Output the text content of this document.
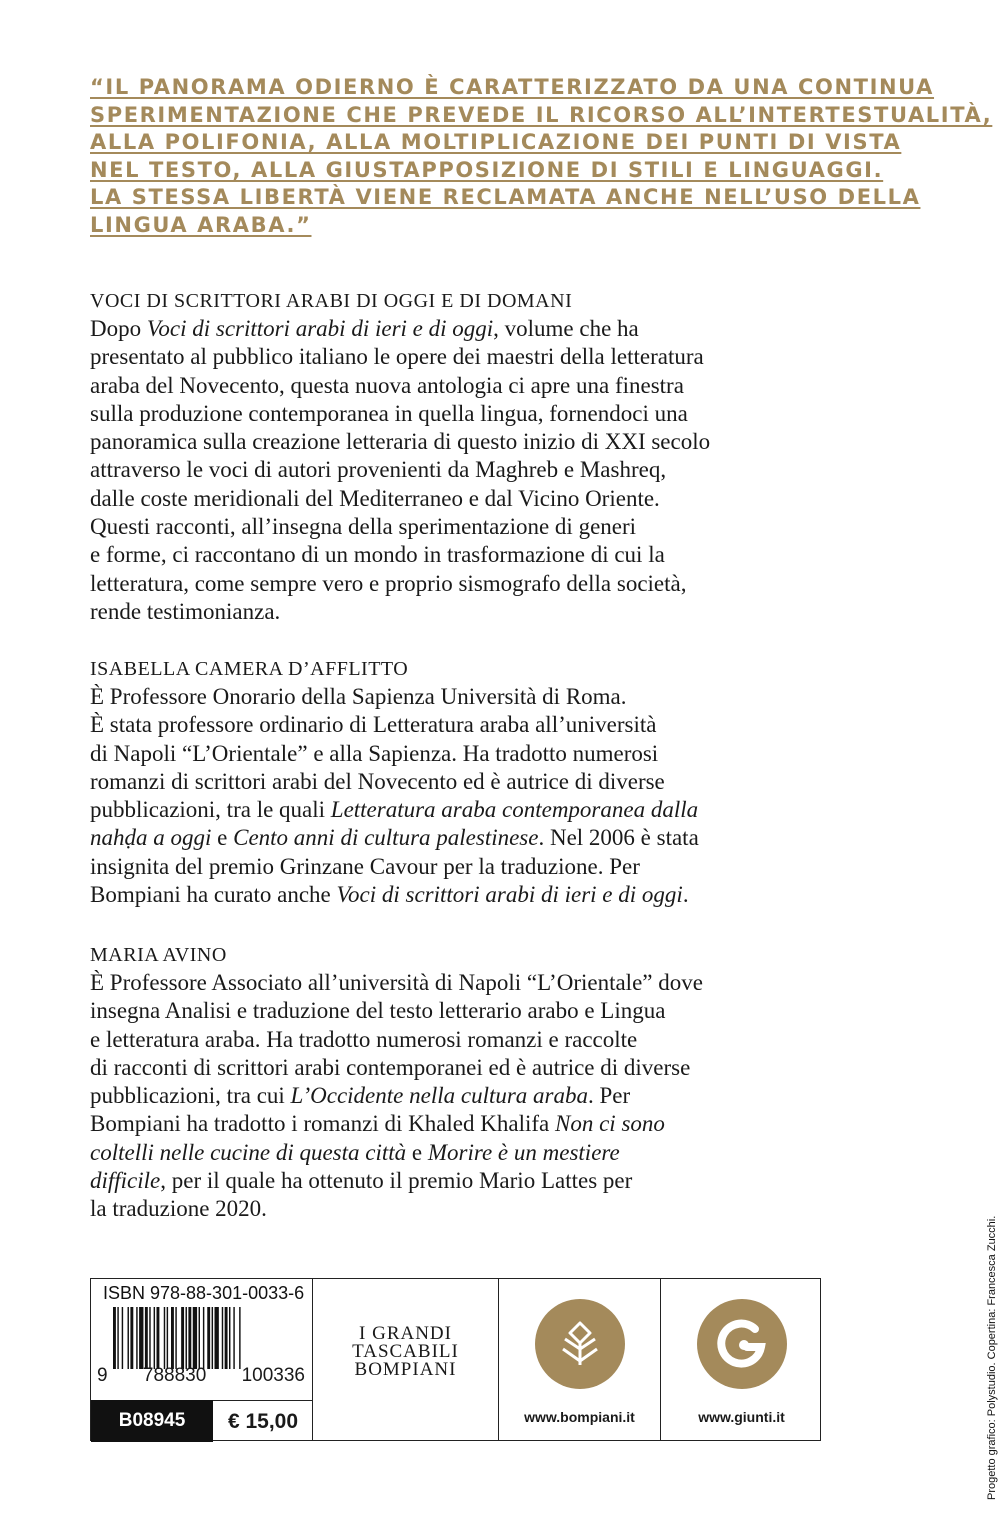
“IL PANORAMA ODIERNO È CARATTERIZZATO DA UNA CONTINUA
SPERIMENTAZIONE CHE PREVEDE IL RICORSO ALL’INTERTESTUALITÀ,
ALLA POLIFONIA, ALLA MOLTIPLICAZIONE DEI PUNTI DI VISTA
NEL TESTO, ALLA GIUSTAPPOSIZIONE DI STILI E LINGUAGGI.
LA STESSA LIBERTÀ VIENE RECLAMATA ANCHE NELL’USO DELLA
LINGUA ARABA.”
VOCI DI SCRITTORI ARABI DI OGGI E DI DOMANI
Dopo Voci di scrittori arabi di ieri e di oggi, volume che ha
presentato al pubblico italiano le opere dei maestri della letteratura
araba del Novecento, questa nuova antologia ci apre una finestra
sulla produzione contemporanea in quella lingua, fornendoci una
panoramica sulla creazione letteraria di questo inizio di XXI secolo
attraverso le voci di autori provenienti da Maghreb e Mashreq,
dalle coste meridionali del Mediterraneo e dal Vicino Oriente.
Questi racconti, all’insegna della sperimentazione di generi
e forme, ci raccontano di un mondo in trasformazione di cui la
letteratura, come sempre vero e proprio sismografo della società,
rende testimonianza.
ISABELLA CAMERA D’AFFLITTO
È Professore Onorario della Sapienza Università di Roma.
È stata professore ordinario di Letteratura araba all’università
di Napoli “L’Orientale” e alla Sapienza. Ha tradotto numerosi
romanzi di scrittori arabi del Novecento ed è autrice di diverse
pubblicazioni, tra le quali Letteratura araba contemporanea dalla
nahḍa a oggi e Cento anni di cultura palestinese. Nel 2006 è stata
insignita del premio Grinzane Cavour per la traduzione. Per
Bompiani ha curato anche Voci di scrittori arabi di ieri e di oggi.
MARIA AVINO
È Professore Associato all’università di Napoli “L’Orientale” dove
insegna Analisi e traduzione del testo letterario arabo e Lingua
e letteratura araba. Ha tradotto numerosi romanzi e raccolte
di racconti di scrittori arabi contemporanei ed è autrice di diverse
pubblicazioni, tra cui L’Occidente nella cultura araba. Per
Bompiani ha tradotto i romanzi di Khaled Khalifa Non ci sono
coltelli nelle cucine di questa città e Morire è un mestiere
difficile, per il quale ha ottenuto il premio Mario Lattes per
la traduzione 2020.
Progetto grafico: Polystudio. Copertina: Francesca Zucchi.
ISBN 978-88-301-0033-6
9 788830 100336
B08945	€ 15,00
I GRANDI
TASCABILI
BOMPIANI
www.bompiani.it	www.giunti.it
